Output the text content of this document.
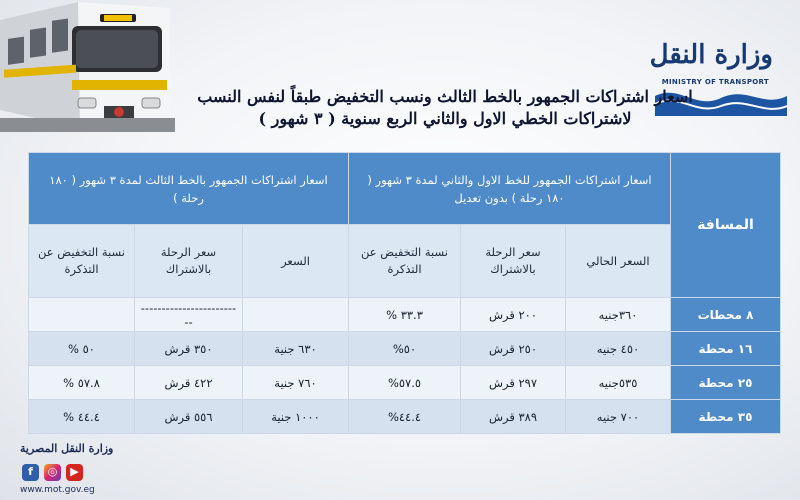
وزارة النقل
MINISTRY OF TRANSPORT
اسعار اشتراكات الجمهور بالخط الثالث ونسب التخفيض طبقاً لنفس النسب
لاشتراكات الخطي الاول والثاني الربع سنوية ( ٣ شهور )
المسافة	اسعار اشتراكات الجمهور للخط الاول والثاني لمدة ٣ شهور ( ١٨٠ رحلة ) بدون تعديل			اسعار اشتراكات الجمهور بالخط الثالث لمدة ٣ شهور ( ١٨٠ رحلة )		
	السعر الحالي	سعر الرحلة بالاشتراك	نسبة التخفيض عن التذكرة	السعر	سعر الرحلة بالاشتراك	نسبة التخفيض عن التذكرة
٨ محطات	٣٦٠جنيه	٢٠٠ قرش	٣٣.٣ %		-------------------------	
١٦ محطة	٤٥٠ جنيه	٢٥٠ قرش	٥٠%	٦٣٠ جنية	٣٥٠ قرش	٥٠ %
٢٥ محطة	٥٣٥جنيه	٢٩٧ قرش	٥٧.٥%	٧٦٠ جنية	٤٢٢ قرش	٥٧.٨ %
٣٥ محطة	٧٠٠ جنيه	٣٨٩ قرش	٤٤.٤%	١٠٠٠ جنية	٥٥٦ قرش	٤٤.٤ %
وزارة النقل المصرية
f	◎	▶
www.mot.gov.eg
